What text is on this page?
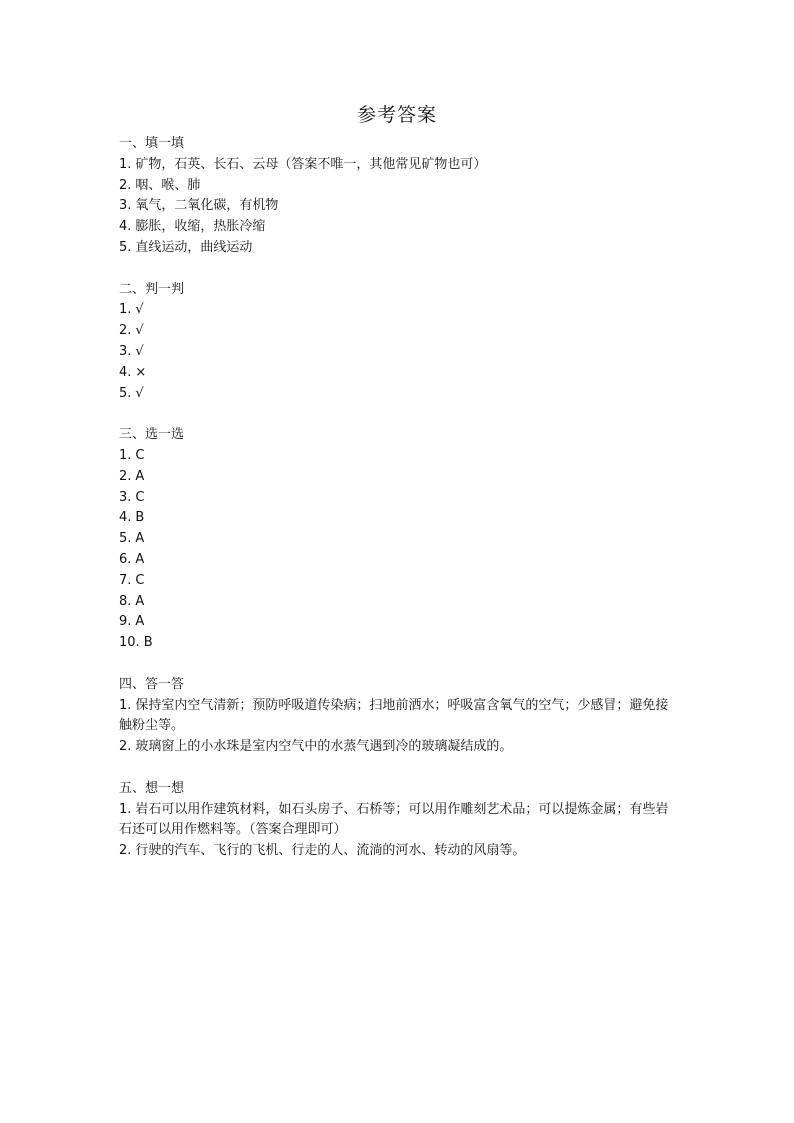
参考答案
一、填一填
1. 矿物，石英、长石、云母（答案不唯一，其他常见矿物也可）
2. 咽、喉、肺
3. 氧气，二氧化碳，有机物
4. 膨胀，收缩，热胀冷缩
5. 直线运动，曲线运动
二、判一判
1. √
2. √
3. √
4. ×
5. √
三、选一选
1. C
2. A
3. C
4. B
5. A
6. A
7. C
8. A
9. A
10. B
四、答一答
1. 保持室内空气清新；预防呼吸道传染病；扫地前洒水；呼吸富含氧气的空气；少感冒；避免接触粉尘等。
2. 玻璃窗上的小水珠是室内空气中的水蒸气遇到冷的玻璃凝结成的。
五、想一想
1. 岩石可以用作建筑材料，如石头房子、石桥等；可以用作雕刻艺术品；可以提炼金属；有些岩石还可以用作燃料等。（答案合理即可）
2. 行驶的汽车、飞行的飞机、行走的人、流淌的河水、转动的风扇等。
